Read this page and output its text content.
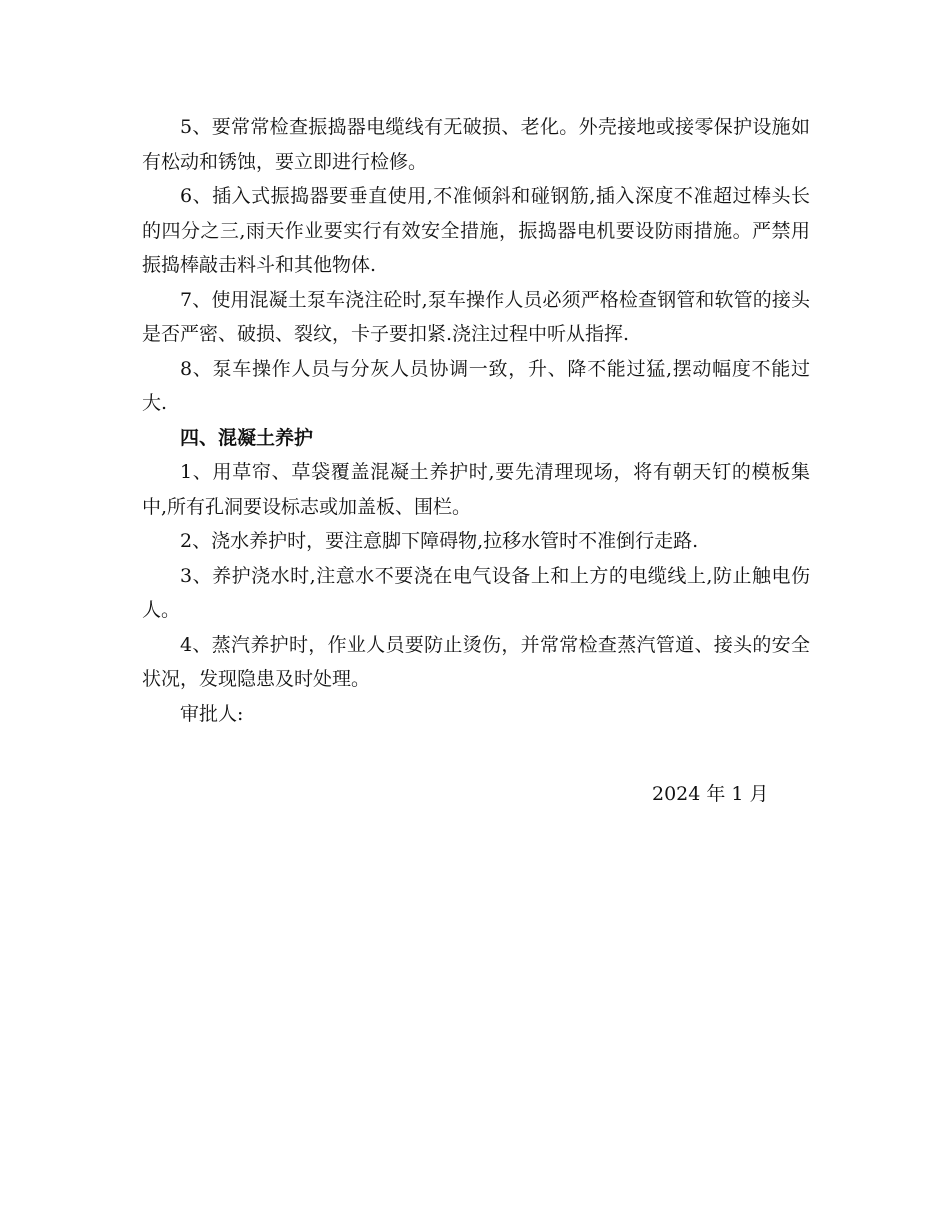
5、要常常检查振捣器电缆线有无破损、老化。外壳接地或接零保护设施如有松动和锈蚀，要立即进行检修。

6、插入式振捣器要垂直使用,不准倾斜和碰钢筋,插入深度不准超过棒头长的四分之三,雨天作业要实行有效安全措施，振捣器电机要设防雨措施。严禁用振捣棒敲击料斗和其他物体.

7、使用混凝土泵车浇注砼时,泵车操作人员必须严格检查钢管和软管的接头是否严密、破损、裂纹，卡子要扣紧.浇注过程中听从指挥.

8、泵车操作人员与分灰人员协调一致，升、降不能过猛,摆动幅度不能过大.

四、混凝土养护

1、用草帘、草袋覆盖混凝土养护时,要先清理现场，将有朝天钉的模板集中,所有孔洞要设标志或加盖板、围栏。

2、浇水养护时，要注意脚下障碍物,拉移水管时不准倒行走路.

3、养护浇水时,注意水不要浇在电气设备上和上方的电缆线上,防止触电伤人。

4、蒸汽养护时，作业人员要防止烫伤，并常常检查蒸汽管道、接头的安全状况，发现隐患及时处理。

审批人:

2024 年 1 月
